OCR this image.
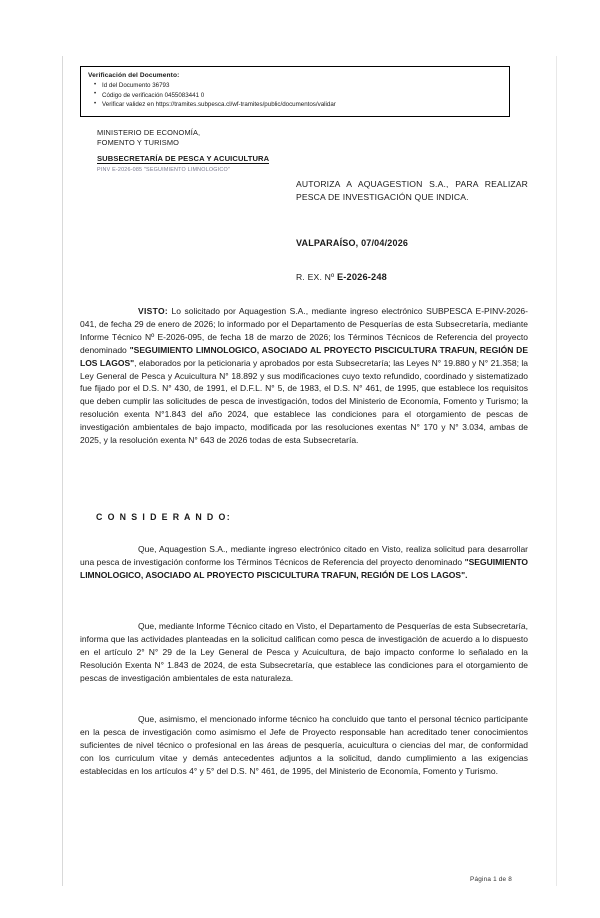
Verificación del Documento:
• Id del Documento 36793
• Código de verificación 0455083441 0
• Verificar validez en https://tramites.subpesca.cl/wf-tramites/public/documentos/validar
MINISTERIO DE ECONOMÍA,
FOMENTO Y TURISMO
SUBSECRETARÍA DE PESCA Y ACUICULTURA
PINV E-2026-085 "SEGUIMIENTO LIMNOLOGICO"
AUTORIZA A AQUAGESTION S.A., PARA REALIZAR PESCA DE INVESTIGACIÓN QUE INDICA.
VALPARAÍSO, 07/04/2026
R. EX. Nº E-2026-248
VISTO: Lo solicitado por Aquagestion S.A., mediante ingreso electrónico SUBPESCA E-PINV-2026-041, de fecha 29 de enero de 2026; lo informado por el Departamento de Pesquerías de esta Subsecretaría, mediante Informe Técnico Nº E-2026-095, de fecha 18 de marzo de 2026; los Términos Técnicos de Referencia del proyecto denominado "SEGUIMIENTO LIMNOLOGICO, ASOCIADO AL PROYECTO PISCICULTURA TRAFUN, REGIÓN DE LOS LAGOS", elaborados por la peticionaria y aprobados por esta Subsecretaría; las Leyes N° 19.880 y N° 21.358; la Ley General de Pesca y Acuicultura N° 18.892 y sus modificaciones cuyo texto refundido, coordinado y sistematizado fue fijado por el D.S. N° 430, de 1991, el D.F.L. N° 5, de 1983, el D.S. N° 461, de 1995, que establece los requisitos que deben cumplir las solicitudes de pesca de investigación, todos del Ministerio de Economía, Fomento y Turismo; la resolución exenta N°1.843 del año 2024, que establece las condiciones para el otorgamiento de pescas de investigación ambientales de bajo impacto, modificada por las resoluciones exentas N° 170 y N° 3.034, ambas de 2025, y la resolución exenta N° 643 de 2026 todas de esta Subsecretaría.
C O N S I D E R A N D O:
Que, Aquagestion S.A., mediante ingreso electrónico citado en Visto, realiza solicitud para desarrollar una pesca de investigación conforme los Términos Técnicos de Referencia del proyecto denominado "SEGUIMIENTO LIMNOLOGICO, ASOCIADO AL PROYECTO PISCICULTURA TRAFUN, REGIÓN DE LOS LAGOS".
Que, mediante Informe Técnico citado en Visto, el Departamento de Pesquerías de esta Subsecretaría, informa que las actividades planteadas en la solicitud califican como pesca de investigación de acuerdo a lo dispuesto en el artículo 2° N° 29 de la Ley General de Pesca y Acuicultura, de bajo impacto conforme lo señalado en la Resolución Exenta N° 1.843 de 2024, de esta Subsecretaría, que establece las condiciones para el otorgamiento de pescas de investigación ambientales de esta naturaleza.
Que, asimismo, el mencionado informe técnico ha concluido que tanto el personal técnico participante en la pesca de investigación como asimismo el Jefe de Proyecto responsable han acreditado tener conocimientos suficientes de nivel técnico o profesional en las áreas de pesquería, acuicultura o ciencias del mar, de conformidad con los curriculum vitae y demás antecedentes adjuntos a la solicitud, dando cumplimiento a las exigencias establecidas en los artículos 4° y 5° del D.S. N° 461, de 1995, del Ministerio de Economía, Fomento y Turismo.
Página 1 de 8
